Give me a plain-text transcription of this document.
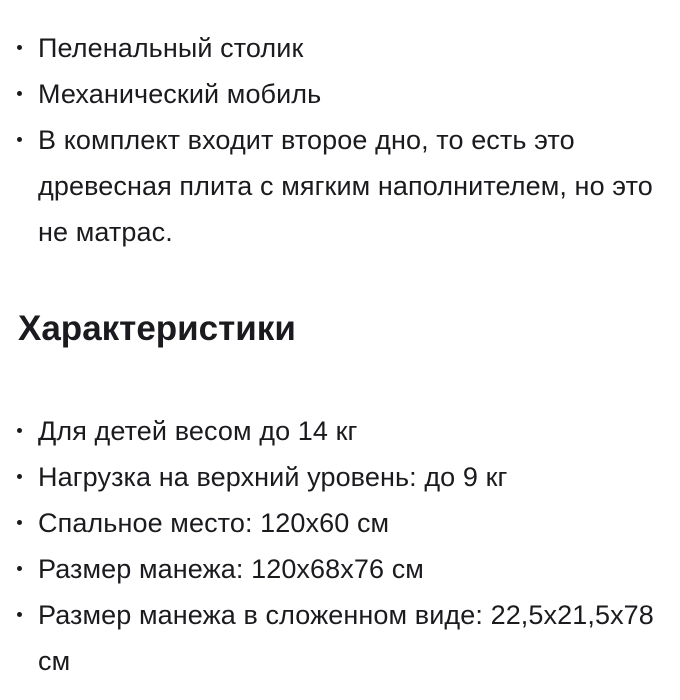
Пеленальный столик
Механический мобиль
В комплект входит второе дно, то есть это древесная плита с мягким наполнителем, но это не матрас.
Характеристики
Для детей весом до 14 кг
Нагрузка на верхний уровень: до 9 кг
Спальное место: 120x60 см
Размер манежа: 120x68x76 см
Размер манежа в сложенном виде: 22,5x21,5x78 см
